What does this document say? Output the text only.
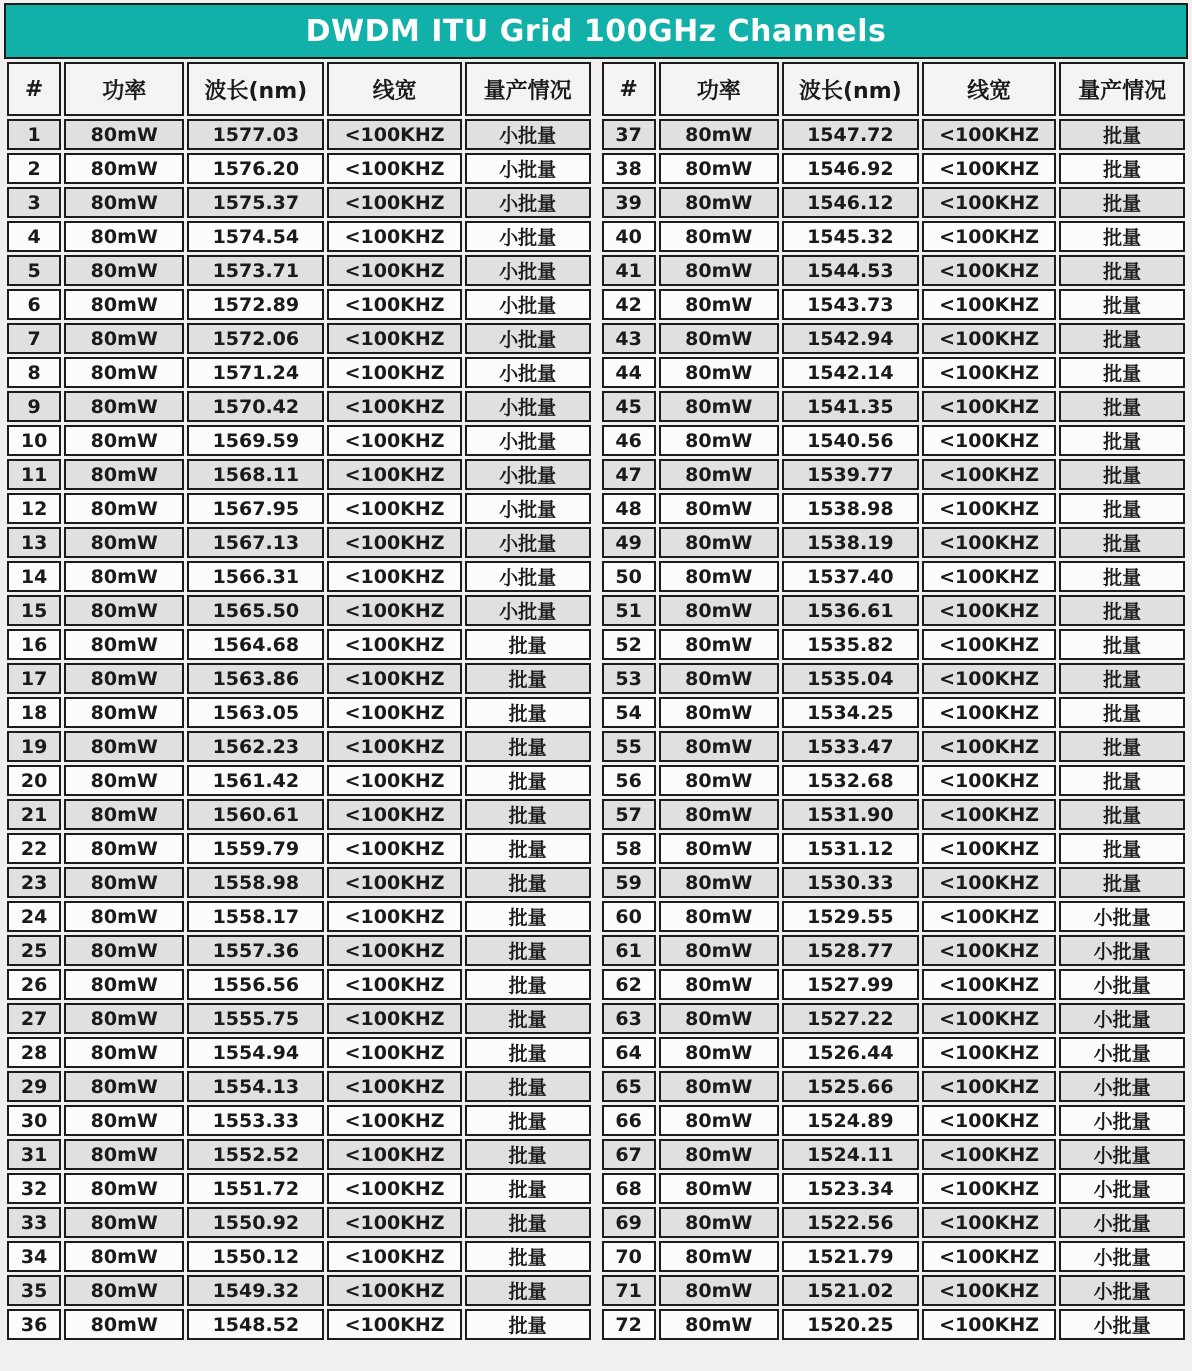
DWDM ITU Grid 100GHz Channels
#	功率	波长(nm)	线宽	量产情况
1	80mW	1577.03	<100KHZ	小批量
2	80mW	1576.20	<100KHZ	小批量
3	80mW	1575.37	<100KHZ	小批量
4	80mW	1574.54	<100KHZ	小批量
5	80mW	1573.71	<100KHZ	小批量
6	80mW	1572.89	<100KHZ	小批量
7	80mW	1572.06	<100KHZ	小批量
8	80mW	1571.24	<100KHZ	小批量
9	80mW	1570.42	<100KHZ	小批量
10	80mW	1569.59	<100KHZ	小批量
11	80mW	1568.11	<100KHZ	小批量
12	80mW	1567.95	<100KHZ	小批量
13	80mW	1567.13	<100KHZ	小批量
14	80mW	1566.31	<100KHZ	小批量
15	80mW	1565.50	<100KHZ	小批量
16	80mW	1564.68	<100KHZ	批量
17	80mW	1563.86	<100KHZ	批量
18	80mW	1563.05	<100KHZ	批量
19	80mW	1562.23	<100KHZ	批量
20	80mW	1561.42	<100KHZ	批量
21	80mW	1560.61	<100KHZ	批量
22	80mW	1559.79	<100KHZ	批量
23	80mW	1558.98	<100KHZ	批量
24	80mW	1558.17	<100KHZ	批量
25	80mW	1557.36	<100KHZ	批量
26	80mW	1556.56	<100KHZ	批量
27	80mW	1555.75	<100KHZ	批量
28	80mW	1554.94	<100KHZ	批量
29	80mW	1554.13	<100KHZ	批量
30	80mW	1553.33	<100KHZ	批量
31	80mW	1552.52	<100KHZ	批量
32	80mW	1551.72	<100KHZ	批量
33	80mW	1550.92	<100KHZ	批量
34	80mW	1550.12	<100KHZ	批量
35	80mW	1549.32	<100KHZ	批量
36	80mW	1548.52	<100KHZ	批量
#	功率	波长(nm)	线宽	量产情况
37	80mW	1547.72	<100KHZ	批量
38	80mW	1546.92	<100KHZ	批量
39	80mW	1546.12	<100KHZ	批量
40	80mW	1545.32	<100KHZ	批量
41	80mW	1544.53	<100KHZ	批量
42	80mW	1543.73	<100KHZ	批量
43	80mW	1542.94	<100KHZ	批量
44	80mW	1542.14	<100KHZ	批量
45	80mW	1541.35	<100KHZ	批量
46	80mW	1540.56	<100KHZ	批量
47	80mW	1539.77	<100KHZ	批量
48	80mW	1538.98	<100KHZ	批量
49	80mW	1538.19	<100KHZ	批量
50	80mW	1537.40	<100KHZ	批量
51	80mW	1536.61	<100KHZ	批量
52	80mW	1535.82	<100KHZ	批量
53	80mW	1535.04	<100KHZ	批量
54	80mW	1534.25	<100KHZ	批量
55	80mW	1533.47	<100KHZ	批量
56	80mW	1532.68	<100KHZ	批量
57	80mW	1531.90	<100KHZ	批量
58	80mW	1531.12	<100KHZ	批量
59	80mW	1530.33	<100KHZ	批量
60	80mW	1529.55	<100KHZ	小批量
61	80mW	1528.77	<100KHZ	小批量
62	80mW	1527.99	<100KHZ	小批量
63	80mW	1527.22	<100KHZ	小批量
64	80mW	1526.44	<100KHZ	小批量
65	80mW	1525.66	<100KHZ	小批量
66	80mW	1524.89	<100KHZ	小批量
67	80mW	1524.11	<100KHZ	小批量
68	80mW	1523.34	<100KHZ	小批量
69	80mW	1522.56	<100KHZ	小批量
70	80mW	1521.79	<100KHZ	小批量
71	80mW	1521.02	<100KHZ	小批量
72	80mW	1520.25	<100KHZ	小批量
